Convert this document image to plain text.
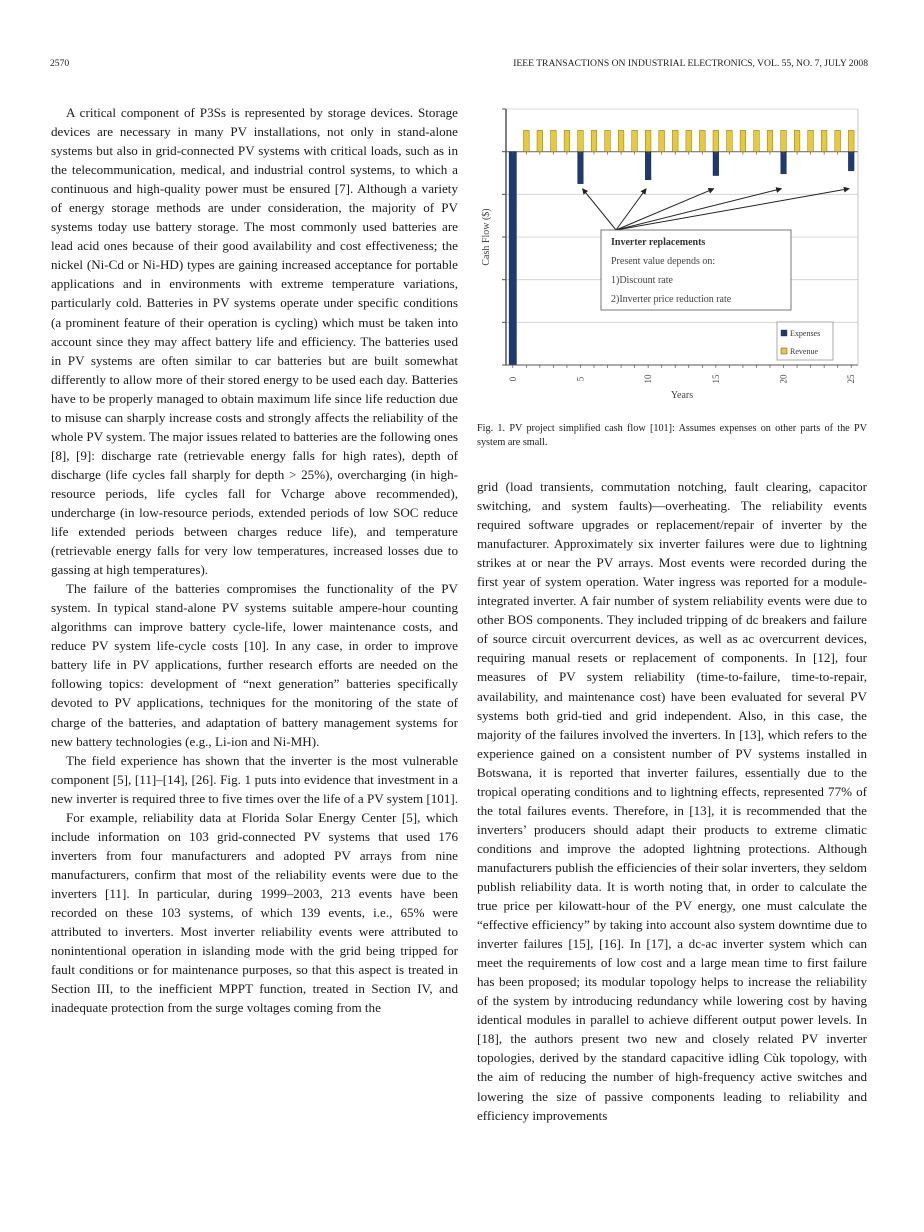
2570	IEEE TRANSACTIONS ON INDUSTRIAL ELECTRONICS, VOL. 55, NO. 7, JULY 2008

A critical component of P3Ss is represented by storage devices. Storage devices are necessary in many PV installations, not only in stand-alone systems but also in grid-connected PV systems with critical loads, such as in the telecommunication, medical, and industrial control systems, to which a continuous and high-quality power must be ensured [7]. Although a variety of energy storage methods are under consideration, the majority of PV systems today use battery storage. The most commonly used batteries are lead acid ones because of their good availability and cost effectiveness; the nickel (Ni-Cd or Ni-HD) types are gaining increased acceptance for portable applications and in environments with extreme temperature variations, particularly cold. Batteries in PV systems operate under specific conditions (a prominent feature of their operation is cycling) which must be taken into account since they may affect battery life and efficiency. The batteries used in PV systems are often similar to car batteries but are built somewhat differently to allow more of their stored energy to be used each day. Batteries have to be properly managed to obtain maximum life since life reduction due to misuse can sharply increase costs and strongly affects the reliability of the whole PV system. The major issues related to batteries are the following ones [8], [9]: discharge rate (retrievable energy falls for high rates), depth of discharge (life cycles fall sharply for depth > 25%), overcharging (in high-resource periods, life cycles fall for Vcharge above recommended), undercharge (in low-resource periods, extended periods of low SOC reduce life extended periods between charges reduce life), and temperature (retrievable energy falls for very low temperatures, increased losses due to gassing at high temperatures).

The failure of the batteries compromises the functionality of the PV system. In typical stand-alone PV systems suitable ampere-hour counting algorithms can improve battery cycle-life, lower maintenance costs, and reduce PV system life-cycle costs [10]. In any case, in order to improve battery life in PV applications, further research efforts are needed on the following topics: development of “next generation” batteries specifically devoted to PV applications, techniques for the monitoring of the state of charge of the batteries, and adaptation of battery management systems for new battery technologies (e.g., Li-ion and Ni-MH).

The field experience has shown that the inverter is the most vulnerable component [5], [11]–[14], [26]. Fig. 1 puts into evidence that investment in a new inverter is required three to five times over the life of a PV system [101].

For example, reliability data at Florida Solar Energy Center [5], which include information on 103 grid-connected PV systems that used 176 inverters from four manufacturers and adopted PV arrays from nine manufacturers, confirm that most of the reliability events were due to the inverters [11]. In particular, during 1999–2003, 213 events have been recorded on these 103 systems, of which 139 events, i.e., 65% were attributed to inverters. Most inverter reliability events were attributed to nonintentional operation in islanding mode with the grid being tripped for fault conditions or for maintenance purposes, so that this aspect is treated in Section III, to the inefficient MPPT function, treated in Section IV, and inadequate protection from the surge voltages coming from the

0	5	10	15	20	25
Inverter replacements
Present value depends on:
1)Discount rate
2)Inverter price reduction rate
Expenses
Revenue
Cash Flow ($)
Years
Fig. 1. PV project simplified cash flow [101]: Assumes expenses on other parts of the PV system are small.

grid (load transients, commutation notching, fault clearing, capacitor switching, and system faults)—overheating. The reliability events required software upgrades or replacement/repair of inverter by the manufacturer. Approximately six inverter failures were due to lightning strikes at or near the PV arrays. Most events were recorded during the first year of system operation. Water ingress was reported for a module-integrated inverter. A fair number of system reliability events were due to other BOS components. They included tripping of dc breakers and failure of source circuit overcurrent devices, as well as ac overcurrent devices, requiring manual resets or replacement of components. In [12], four measures of PV system reliability (time-to-failure, time-to-repair, availability, and maintenance cost) have been evaluated for several PV systems both grid-tied and grid independent. Also, in this case, the majority of the failures involved the inverters. In [13], which refers to the experience gained on a consistent number of PV systems installed in Botswana, it is reported that inverter failures, essentially due to the tropical operating conditions and to lightning effects, represented 77% of the total failures events. Therefore, in [13], it is recommended that the inverters’ producers should adapt their products to extreme climatic conditions and improve the adopted lightning protections. Although manufacturers publish the efficiencies of their solar inverters, they seldom publish reliability data. It is worth noting that, in order to calculate the true price per kilowatt-hour of the PV energy, one must calculate the “effective efficiency” by taking into account also system downtime due to inverter failures [15], [16]. In [17], a dc-ac inverter system which can meet the requirements of low cost and a large mean time to first failure has been proposed; its modular topology helps to increase the reliability of the system by introducing redundancy while lowering cost by having identical modules in parallel to achieve different output power levels. In [18], the authors present two new and closely related PV inverter topologies, derived by the standard capacitive idling Cùk topology, with the aim of reducing the number of high-frequency active switches and lowering the size of passive components leading to reliability and efficiency improvements
